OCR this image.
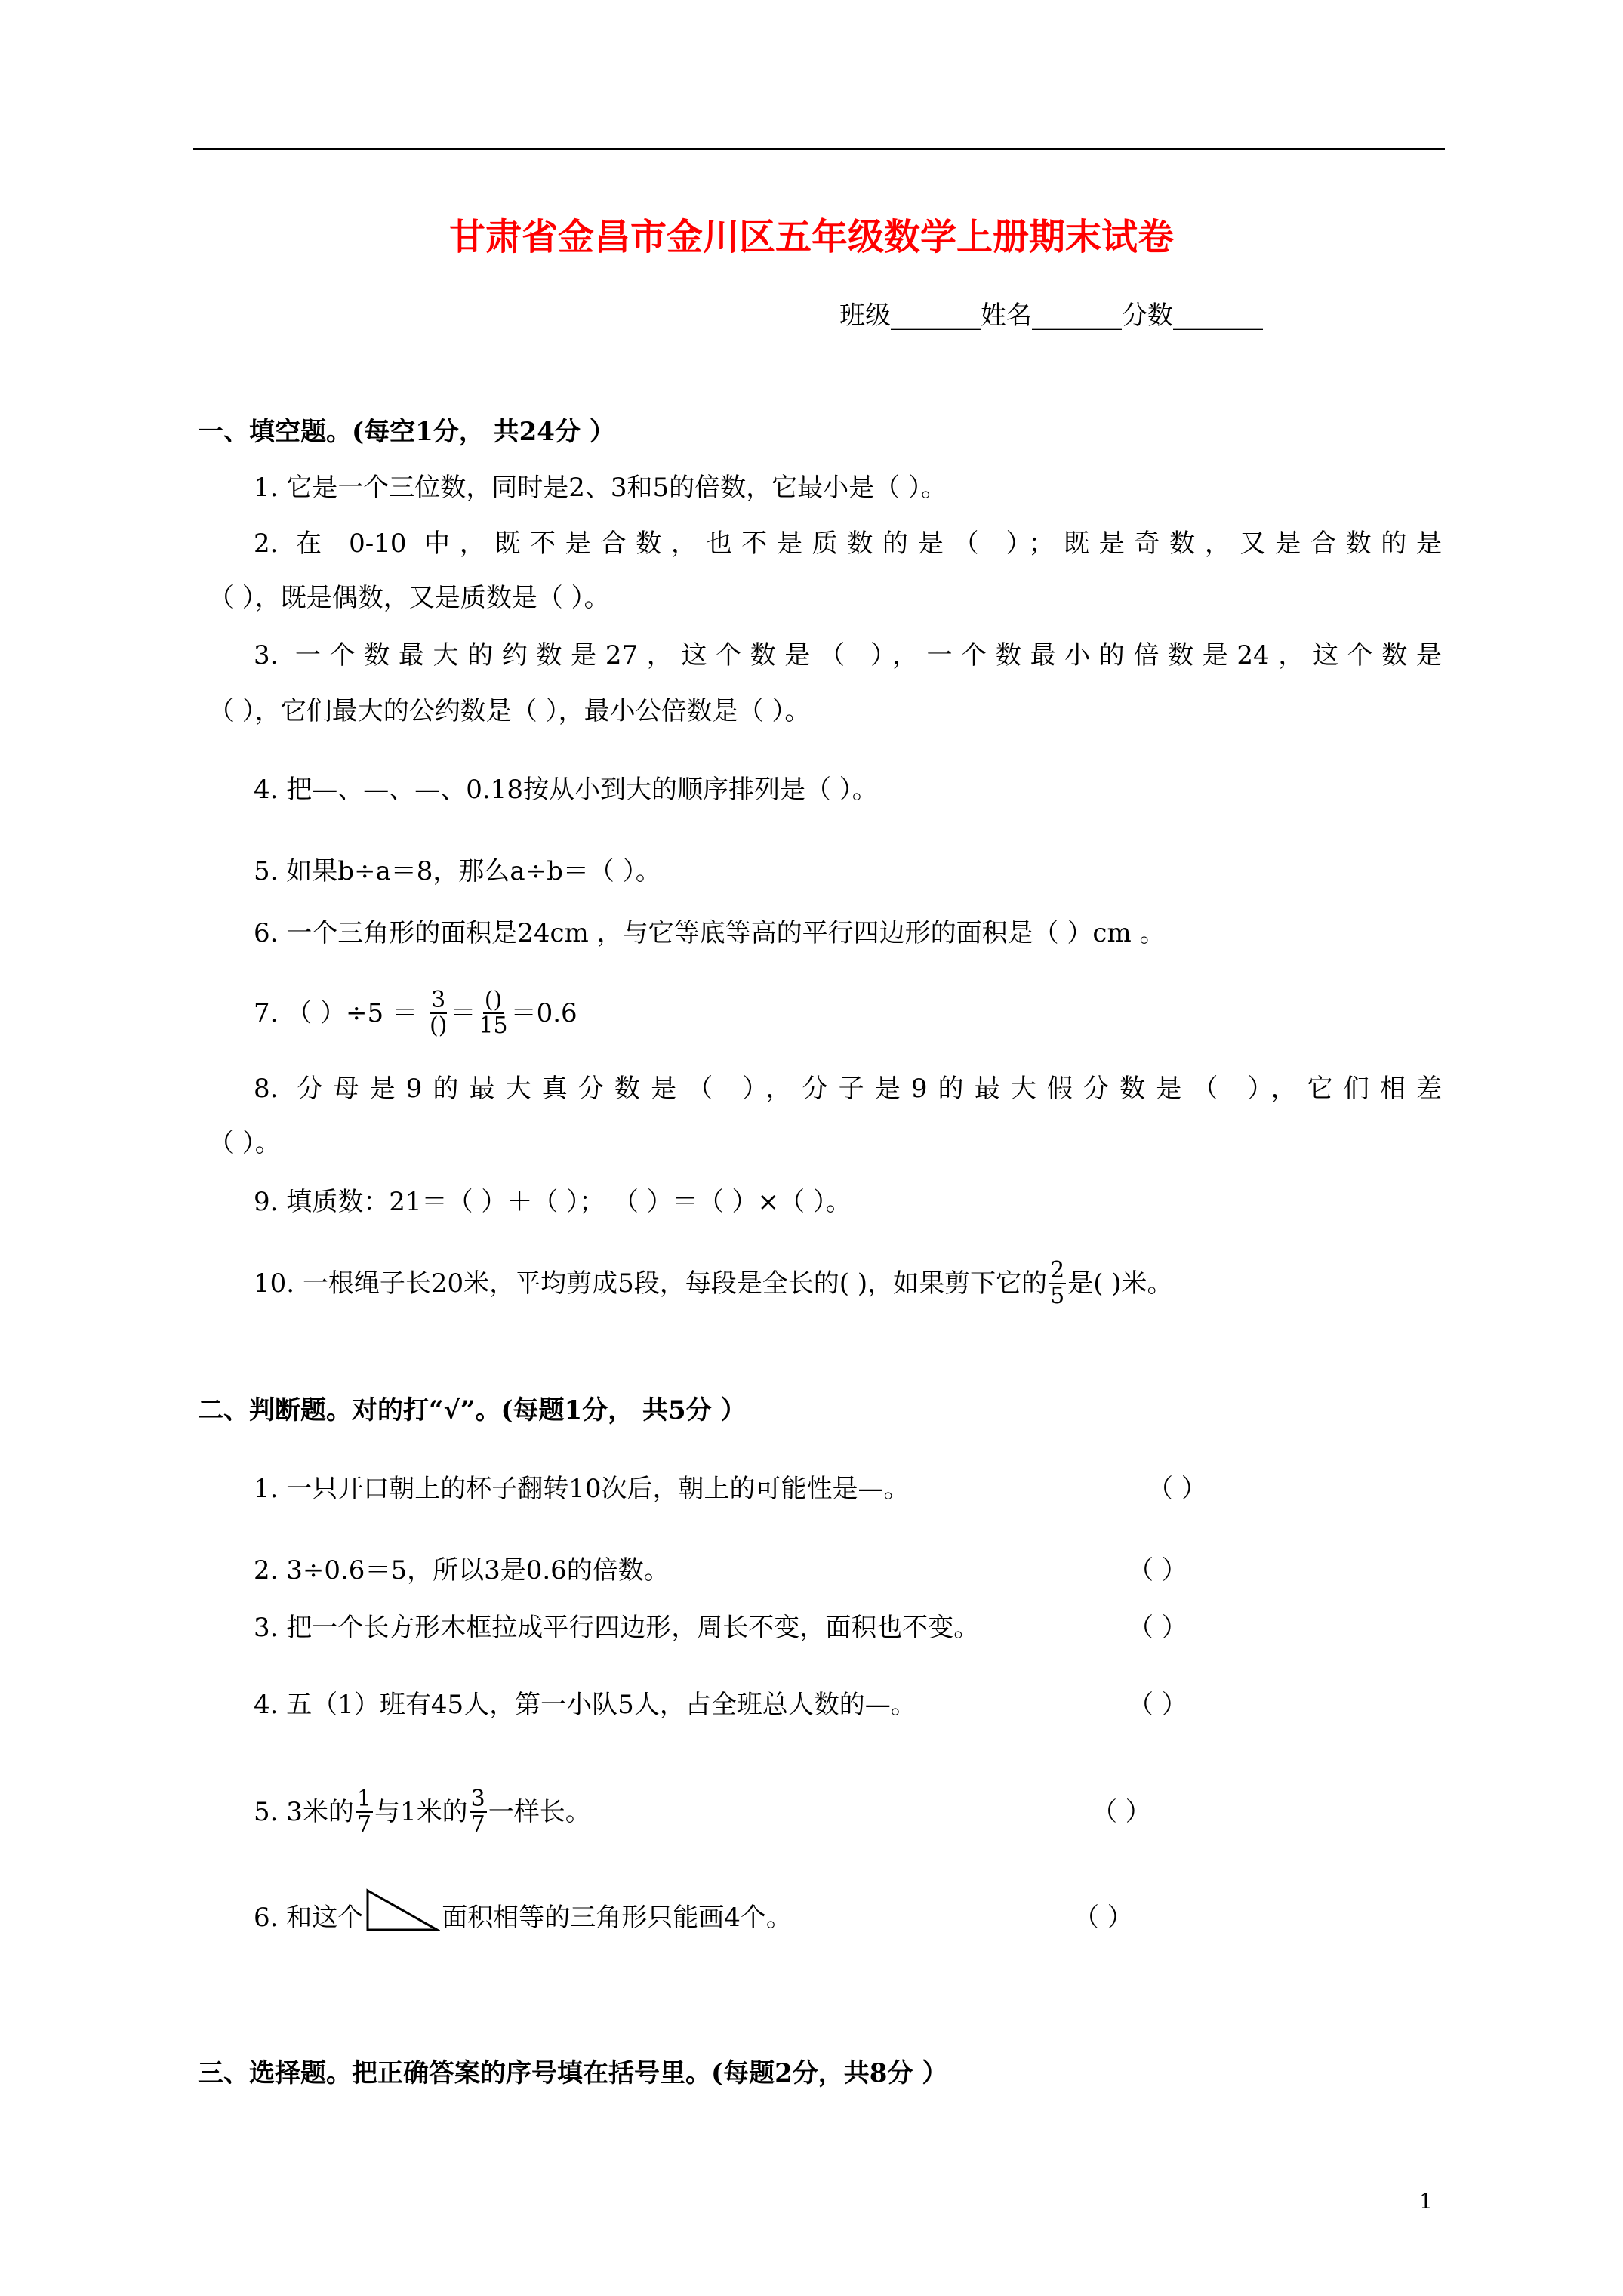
甘肃省金昌市金川区五年级数学上册期末试卷
班级_______姓名_______分数_______
一、填空题。(每空1分， 共24分 ）
1. 它是一个三位数，同时是2、3和5的倍数，它最小是（ ）。
2. 在 0-10 中，既不是合数，也不是质数的是（ ）；既是奇数，又是合数的是
（ ），既是偶数，又是质数是（ ）。
3. 一个数最大的约数是27，这个数是（ ），一个数最小的倍数是24，这个数是
（ ），它们最大的公约数是（ ），最小公倍数是（ ）。
4. 把—、—、—、0.18按从小到大的顺序排列是（ ）。
5. 如果b÷a＝8，那么a÷b＝（ ）。
6. 一个三角形的面积是24cm ，与它等底等高的平行四边形的面积是（ ）cm 。
7. （ ）$\div 5 = \frac{3}{()} = \frac{()}{15} =0.6$
8. 分母是9的最大真分数是（ ），分子是9的最大假分数是（ ），它们相差
（ ）。
9. 填质数：21＝（ ）＋（ ）； （ ）＝（ ）×（ ）。
10. 一根绳子长20米，平均剪成5段，每段是全长的( )，如果剪下它的 $\frac{2}{5}$ 是( )米。
二、判断题。对的打“√”。(每题1分， 共5分 ）
1. 一只开口朝上的杯子翻转10次后，朝上的可能性是—。	（ ）
2. 3÷0.6＝5，所以3是0.6的倍数。	（ ）
3. 把一个长方形木框拉成平行四边形，周长不变，面积也不变。	（ ）
4. 五（1）班有45人，第一小队5人，占全班总人数的—。	（ ）
5. 3米的 $\frac{1}{7}$ 与1米的 $\frac{3}{7}$ 一样长。	（ ）
6. 和这个	面积相等的三角形只能画4个。	（ ）
三、选择题。把正确答案的序号填在括号里。(每题2分，共8分 ）
1
